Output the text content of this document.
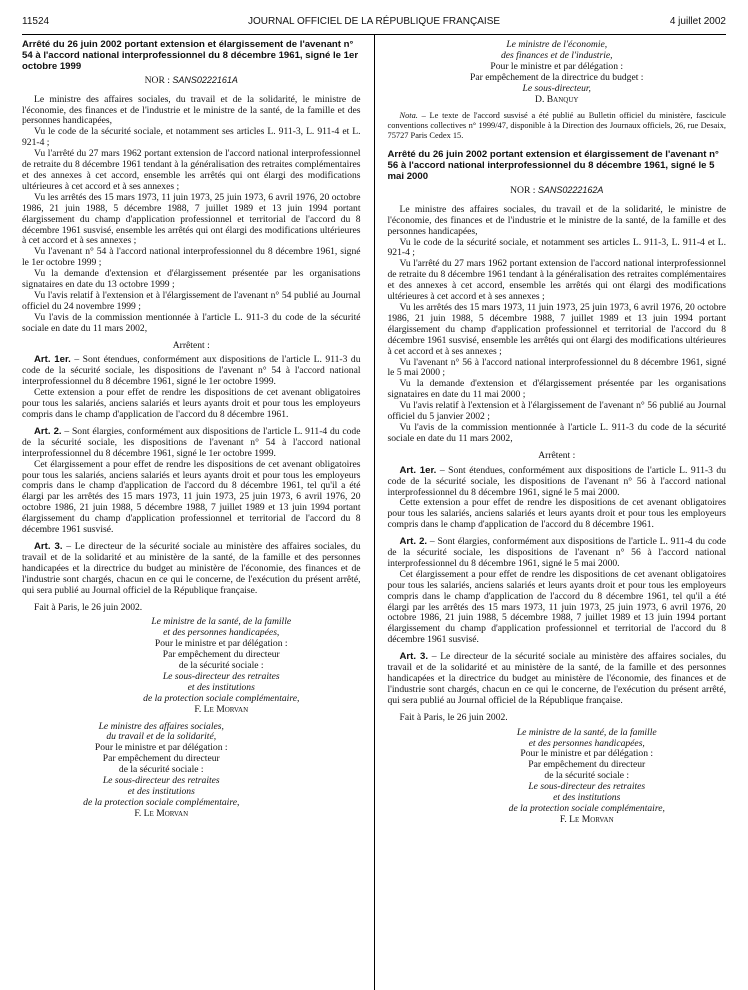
11524	JOURNAL OFFICIEL DE LA RÉPUBLIQUE FRANÇAISE	4 juillet 2002

Arrêté du 26 juin 2002 portant extension et élargissement de l'avenant n° 54 à l'accord national interprofessionnel du 8 décembre 1961, signé le 1er octobre 1999

NOR : SANS0222161A

Le ministre des affaires sociales, du travail et de la solidarité, le ministre de l'économie, des finances et de l'industrie et le ministre de la santé, de la famille et des personnes handicapées,

Vu le code de la sécurité sociale, et notamment ses articles L. 911-3, L. 911-4 et L. 921-4 ;

Vu l'arrêté du 27 mars 1962 portant extension de l'accord national interprofessionnel de retraite du 8 décembre 1961 tendant à la généralisation des retraites complémentaires et des annexes à cet accord, ensemble les arrêtés qui ont élargi des modifications ultérieures à cet accord et à ses annexes ;

Vu les arrêtés des 15 mars 1973, 11 juin 1973, 25 juin 1973, 6 avril 1976, 20 octobre 1986, 21 juin 1988, 5 décembre 1988, 7 juillet 1989 et 13 juin 1994 portant élargissement du champ d'application professionnel et territorial de l'accord du 8 décembre 1961 susvisé, ensemble les arrêtés qui ont élargi des modifications ultérieures à cet accord et à ses annexes ;

Vu l'avenant n° 54 à l'accord national interprofessionnel du 8 décembre 1961, signé le 1er octobre 1999 ;

Vu la demande d'extension et d'élargissement présentée par les organisations signataires en date du 13 octobre 1999 ;

Vu l'avis relatif à l'extension et à l'élargissement de l'avenant n° 54 publié au Journal officiel du 24 novembre 1999 ;

Vu l'avis de la commission mentionnée à l'article L. 911-3 du code de la sécurité sociale en date du 11 mars 2002,

Arrêtent :

Art. 1er. – Sont étendues, conformément aux dispositions de l'article L. 911-3 du code de la sécurité sociale, les dispositions de l'avenant n° 54 à l'accord national interprofessionnel du 8 décembre 1961, signé le 1er octobre 1999.

Cette extension a pour effet de rendre les dispositions de cet avenant obligatoires pour tous les salariés, anciens salariés et leurs ayants droit et pour tous les employeurs compris dans le champ d'application de l'accord du 8 décembre 1961.

Art. 2. – Sont élargies, conformément aux dispositions de l'article L. 911-4 du code de la sécurité sociale, les dispositions de l'avenant n° 54 à l'accord national interprofessionnel du 8 décembre 1961, signé le 1er octobre 1999.

Cet élargissement a pour effet de rendre les dispositions de cet avenant obligatoires pour tous les salariés, anciens salariés et leurs ayants droit et pour tous les employeurs compris dans le champ d'application de l'accord du 8 décembre 1961, tel qu'il a été élargi par les arrêtés des 15 mars 1973, 11 juin 1973, 25 juin 1973, 6 avril 1976, 20 octobre 1986, 21 juin 1988, 5 décembre 1988, 7 juillet 1989 et 13 juin 1994 portant élargissement du champ d'application professionnel et territorial de l'accord du 8 décembre 1961 susvisé.

Art. 3. – Le directeur de la sécurité sociale au ministère des affaires sociales, du travail et de la solidarité et au ministère de la santé, de la famille et des personnes handicapées et la directrice du budget au ministère de l'économie, des finances et de l'industrie sont chargés, chacun en ce qui le concerne, de l'exécution du présent arrêté, qui sera publié au Journal officiel de la République française.

Fait à Paris, le 26 juin 2002.

Le ministre de la santé, de la famille

et des personnes handicapées,

Pour le ministre et par délégation :

Par empêchement du directeur

de la sécurité sociale :

Le sous-directeur des retraites

et des institutions

de la protection sociale complémentaire,

F. Le Morvan

Le ministre des affaires sociales,

du travail et de la solidarité,

Pour le ministre et par délégation :

Par empêchement du directeur

de la sécurité sociale :

Le sous-directeur des retraites

et des institutions

de la protection sociale complémentaire,

F. Le Morvan

Le ministre de l'économie,

des finances et de l'industrie,

Pour le ministre et par délégation :

Par empêchement de la directrice du budget :

Le sous-directeur,

D. Banquy

Nota. – Le texte de l'accord susvisé a été publié au Bulletin officiel du ministère, fascicule conventions collectives n° 1999/47, disponible à la Direction des Journaux officiels, 26, rue Desaix, 75727 Paris Cedex 15.

Arrêté du 26 juin 2002 portant extension et élargissement de l'avenant n° 56 à l'accord national interprofessionnel du 8 décembre 1961, signé le 5 mai 2000

NOR : SANS0222162A

Le ministre des affaires sociales, du travail et de la solidarité, le ministre de l'économie, des finances et de l'industrie et le ministre de la santé, de la famille et des personnes handicapées,

Vu le code de la sécurité sociale, et notamment ses articles L. 911-3, L. 911-4 et L. 921-4 ;

Vu l'arrêté du 27 mars 1962 portant extension de l'accord national interprofessionnel de retraite du 8 décembre 1961 tendant à la généralisation des retraites complémentaires et des annexes à cet accord, ensemble les arrêtés qui ont élargi des modifications ultérieures à cet accord et à ses annexes ;

Vu les arrêtés des 15 mars 1973, 11 juin 1973, 25 juin 1973, 6 avril 1976, 20 octobre 1986, 21 juin 1988, 5 décembre 1988, 7 juillet 1989 et 13 juin 1994 portant élargissement du champ d'application professionnel et territorial de l'accord du 8 décembre 1961 susvisé, ensemble les arrêtés qui ont élargi des modifications ultérieures à cet accord et à ses annexes ;

Vu l'avenant n° 56 à l'accord national interprofessionnel du 8 décembre 1961, signé le 5 mai 2000 ;

Vu la demande d'extension et d'élargissement présentée par les organisations signataires en date du 11 mai 2000 ;

Vu l'avis relatif à l'extension et à l'élargissement de l'avenant n° 56 publié au Journal officiel du 5 janvier 2002 ;

Vu l'avis de la commission mentionnée à l'article L. 911-3 du code de la sécurité sociale en date du 11 mars 2002,

Arrêtent :

Art. 1er. – Sont étendues, conformément aux dispositions de l'article L. 911-3 du code de la sécurité sociale, les dispositions de l'avenant n° 56 à l'accord national interprofessionnel du 8 décembre 1961, signé le 5 mai 2000.

Cette extension a pour effet de rendre les dispositions de cet avenant obligatoires pour tous les salariés, anciens salariés et leurs ayants droit et pour tous les employeurs compris dans le champ d'application de l'accord du 8 décembre 1961.

Art. 2. – Sont élargies, conformément aux dispositions de l'article L. 911-4 du code de la sécurité sociale, les dispositions de l'avenant n° 56 à l'accord national interprofessionnel du 8 décembre 1961, signé le 5 mai 2000.

Cet élargissement a pour effet de rendre les dispositions de cet avenant obligatoires pour tous les salariés, anciens salariés et leurs ayants droit et pour tous les employeurs compris dans le champ d'application de l'accord du 8 décembre 1961, tel qu'il a été élargi par les arrêtés des 15 mars 1973, 11 juin 1973, 25 juin 1973, 6 avril 1976, 20 octobre 1986, 21 juin 1988, 5 décembre 1988, 7 juillet 1989 et 13 juin 1994 portant élargissement du champ d'application professionnel et territorial de l'accord du 8 décembre 1961 susvisé.

Art. 3. – Le directeur de la sécurité sociale au ministère des affaires sociales, du travail et de la solidarité et au ministère de la santé, de la famille et des personnes handicapées et la directrice du budget au ministère de l'économie, des finances et de l'industrie sont chargés, chacun en ce qui le concerne, de l'exécution du présent arrêté, qui sera publié au Journal officiel de la République française.

Fait à Paris, le 26 juin 2002.

Le ministre de la santé, de la famille

et des personnes handicapées,

Pour le ministre et par délégation :

Par empêchement du directeur

de la sécurité sociale :

Le sous-directeur des retraites

et des institutions

de la protection sociale complémentaire,

F. Le Morvan
